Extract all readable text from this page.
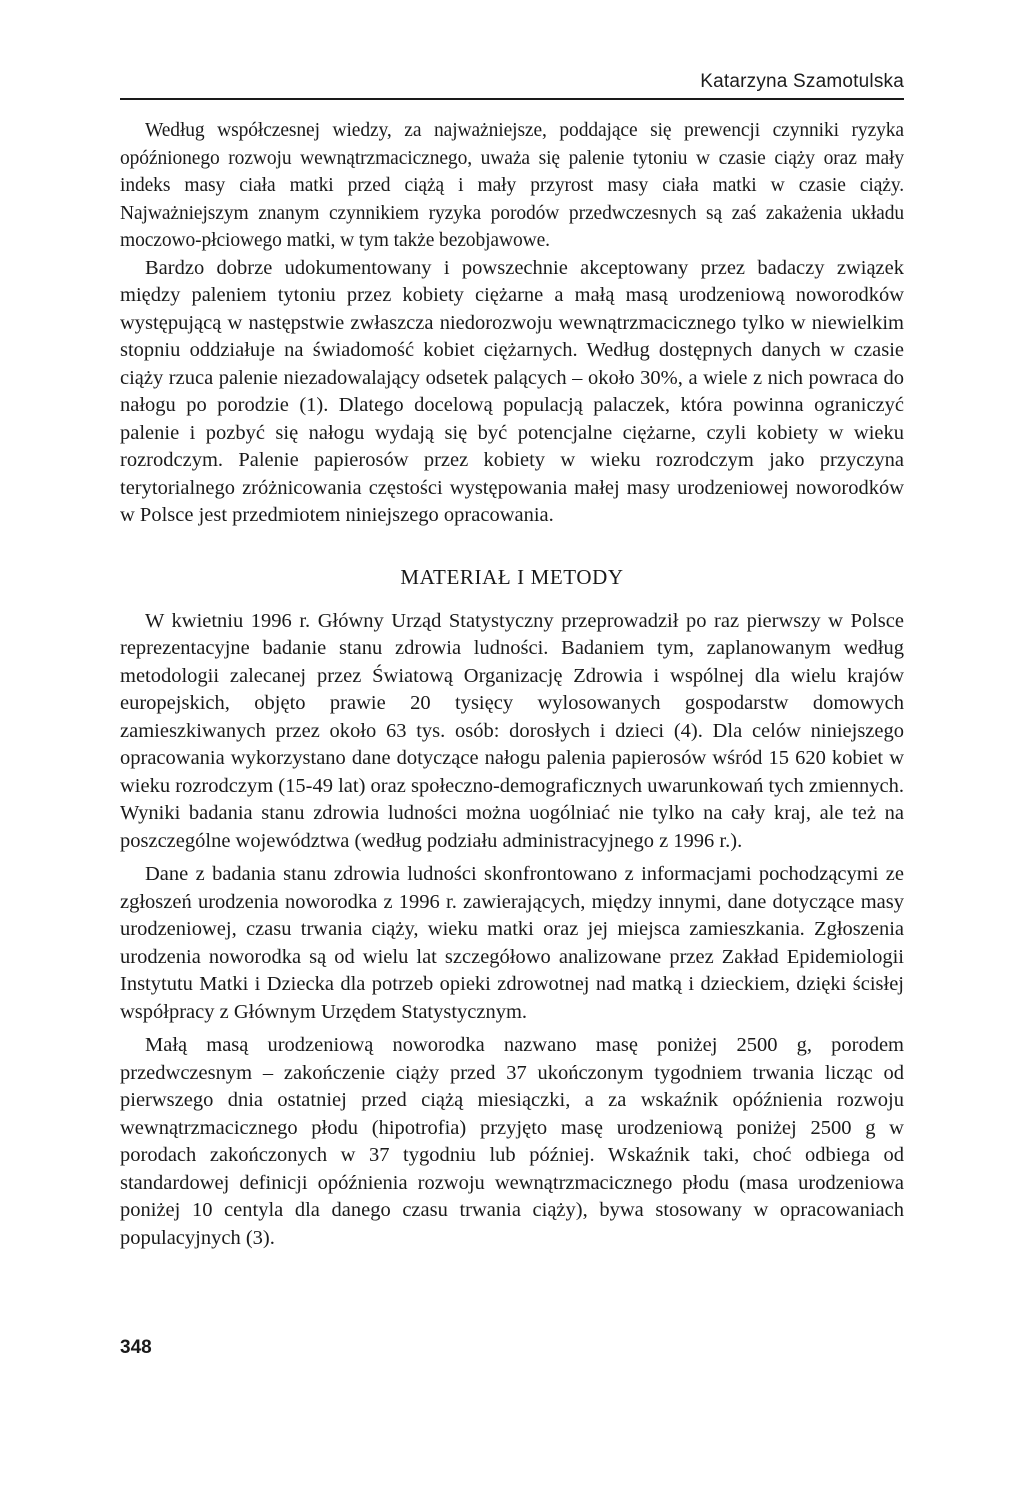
Katarzyna Szamotulska

Według współczesnej wiedzy, za najważniejsze, poddające się prewencji czynniki ryzyka opóźnionego rozwoju wewnątrzmacicznego, uważa się palenie tytoniu w czasie ciąży oraz mały indeks masy ciała matki przed ciążą i mały przyrost masy ciała matki w czasie ciąży. Najważniejszym znanym czynnikiem ryzyka porodów przedwczesnych są zaś zakażenia układu moczowo-płciowego matki, w tym także bezobjawowe.

Bardzo dobrze udokumentowany i powszechnie akceptowany przez badaczy związek między paleniem tytoniu przez kobiety ciężarne a małą masą urodzeniową noworodków występującą w następstwie zwłaszcza niedorozwoju wewnątrzmacicznego tylko w niewielkim stopniu oddziałuje na świadomość kobiet ciężarnych. Według dostępnych danych w czasie ciąży rzuca palenie niezadowalający odsetek palących – około 30%, a wiele z nich powraca do nałogu po porodzie (1). Dlatego docelową populacją palaczek, która powinna ograniczyć palenie i pozbyć się nałogu wydają się być potencjalne ciężarne, czyli kobiety w wieku rozrodczym. Palenie papierosów przez kobiety w wieku rozrodczym jako przyczyna terytorialnego zróżnicowania częstości występowania małej masy urodzeniowej noworodków w Polsce jest przedmiotem niniejszego opracowania.

MATERIAŁ I METODY

W kwietniu 1996 r. Główny Urząd Statystyczny przeprowadził po raz pierwszy w Polsce reprezentacyjne badanie stanu zdrowia ludności. Badaniem tym, zaplanowanym według metodologii zalecanej przez Światową Organizację Zdrowia i wspólnej dla wielu krajów europejskich, objęto prawie 20 tysięcy wylosowanych gospodarstw domowych zamieszkiwanych przez około 63 tys. osób: dorosłych i dzieci (4). Dla celów niniejszego opracowania wykorzystano dane dotyczące nałogu palenia papierosów wśród 15 620 kobiet w wieku rozrodczym (15-49 lat) oraz społeczno-demograficznych uwarunkowań tych zmiennych. Wyniki badania stanu zdrowia ludności można uogólniać nie tylko na cały kraj, ale też na poszczególne województwa (według podziału administracyjnego z 1996 r.).

Dane z badania stanu zdrowia ludności skonfrontowano z informacjami pochodzącymi ze zgłoszeń urodzenia noworodka z 1996 r. zawierających, między innymi, dane dotyczące masy urodzeniowej, czasu trwania ciąży, wieku matki oraz jej miejsca zamieszkania. Zgłoszenia urodzenia noworodka są od wielu lat szczegółowo analizowane przez Zakład Epidemiologii Instytutu Matki i Dziecka dla potrzeb opieki zdrowotnej nad matką i dzieckiem, dzięki ścisłej współpracy z Głównym Urzędem Statystycznym.

Małą masą urodzeniową noworodka nazwano masę poniżej 2500 g, porodem przedwczesnym – zakończenie ciąży przed 37 ukończonym tygodniem trwania licząc od pierwszego dnia ostatniej przed ciążą miesiączki, a za wskaźnik opóźnienia rozwoju wewnątrzmacicznego płodu (hipotrofia) przyjęto masę urodzeniową poniżej 2500 g w porodach zakończonych w 37 tygodniu lub później. Wskaźnik taki, choć odbiega od standardowej definicji opóźnienia rozwoju wewnątrzmacicznego płodu (masa urodzeniowa poniżej 10 centyla dla danego czasu trwania ciąży), bywa stosowany w opracowaniach populacyjnych (3).

348
